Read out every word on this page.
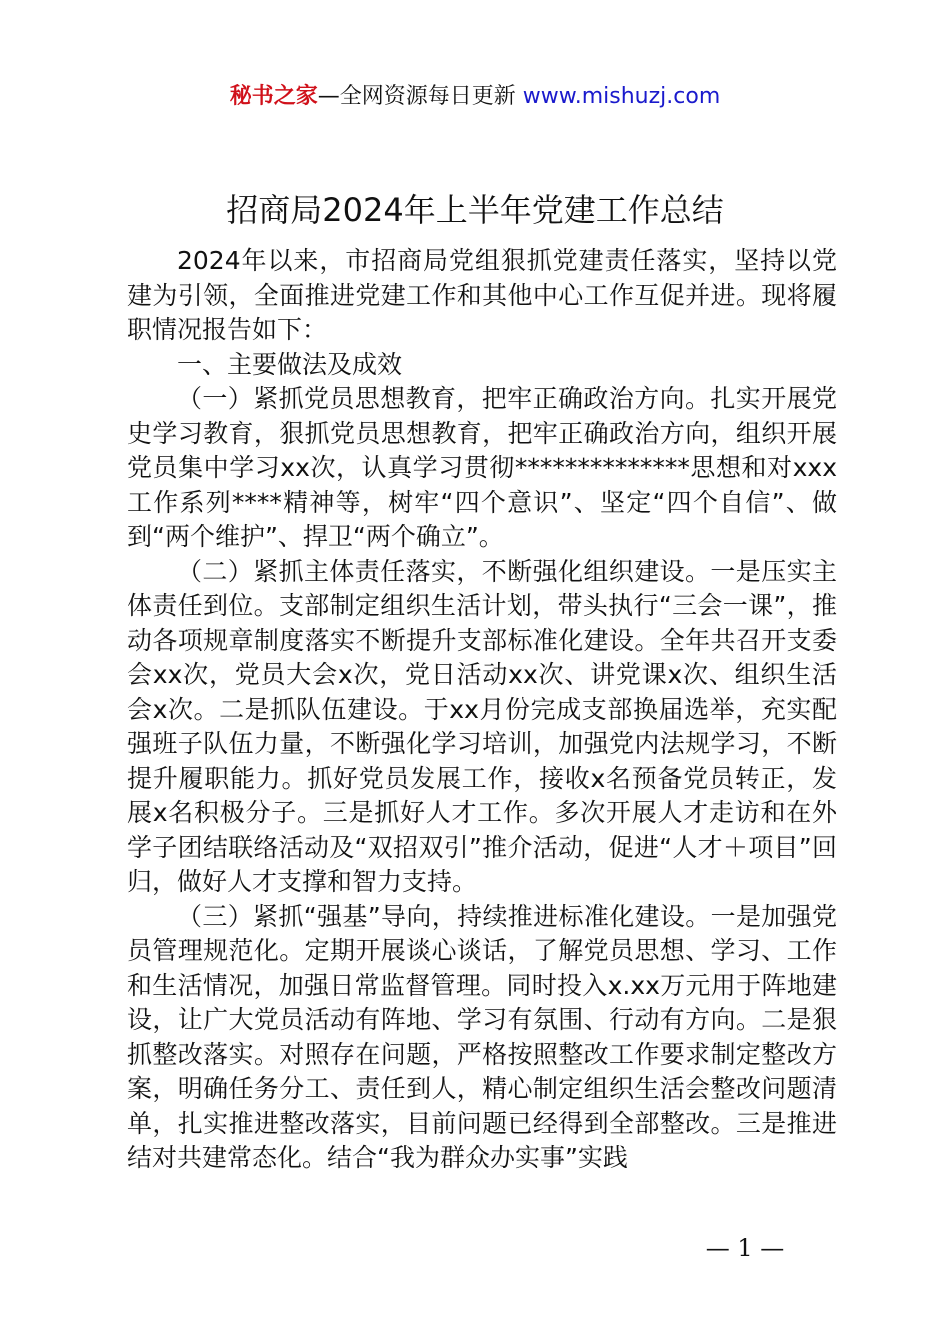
秘书之家—全网资源每日更新 www.mishuzj.com
招商局2024年上半年党建工作总结

2024年以来，市招商局党组狠抓党建责任落实，坚持以党建为引领，全面推进党建工作和其他中心工作互促并进。现将履职情况报告如下：

一、主要做法及成效

（一）紧抓党员思想教育，把牢正确政治方向。扎实开展党史学习教育，狠抓党员思想教育，把牢正确政治方向，组织开展党员集中学习xx次，认真学习贯彻**************思想和对xxx工作系列****精神等，树牢“四个意识”、坚定“四个自信”、做到“两个维护”、捍卫“两个确立”。

（二）紧抓主体责任落实，不断强化组织建设。一是压实主体责任到位。支部制定组织生活计划，带头执行“三会一课”，推动各项规章制度落实不断提升支部标准化建设。全年共召开支委会xx次，党员大会x次，党日活动xx次、讲党课x次、组织生活会x次。二是抓队伍建设。于xx月份完成支部换届选举，充实配强班子队伍力量，不断强化学习培训，加强党内法规学习，不断提升履职能力。抓好党员发展工作，接收x名预备党员转正，发展x名积极分子。三是抓好人才工作。多次开展人才走访和在外学子团结联络活动及“双招双引”推介活动，促进“人才＋项目”回归，做好人才支撑和智力支持。

（三）紧抓“强基”导向，持续推进标准化建设。一是加强党员管理规范化。定期开展谈心谈话，了解党员思想、学习、工作和生活情况，加强日常监督管理。同时投入x.xx万元用于阵地建设，让广大党员活动有阵地、学习有氛围、行动有方向。二是狠抓整改落实。对照存在问题，严格按照整改工作要求制定整改方案，明确任务分工、责任到人，精心制定组织生活会整改问题清单，扎实推进整改落实，目前问题已经得到全部整改。三是推进结对共建常态化。结合“我为群众办实事”实践

— 1 —
